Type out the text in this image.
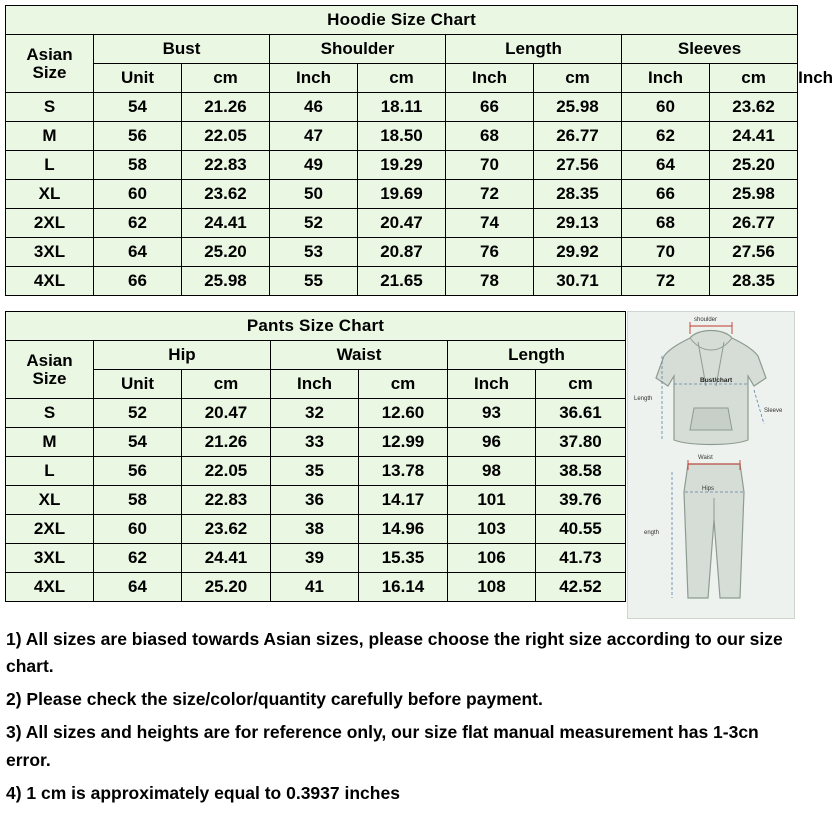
Hoodie Size Chart									
Asian
Size	Bust		Shoulder		Length		Sleeves		
	Unit	cm	Inch	cm	Inch	cm	Inch	cm	Inch
S	54	21.26	46	18.11	66	25.98	60	23.62	
M	56	22.05	47	18.50	68	26.77	62	24.41	
L	58	22.83	49	19.29	70	27.56	64	25.20	
XL	60	23.62	50	19.69	72	28.35	66	25.98	
2XL	62	24.41	52	20.47	74	29.13	68	26.77	
3XL	64	25.20	53	20.87	76	29.92	70	27.56	
4XL	66	25.98	55	21.65	78	30.71	72	28.35	
Pants Size Chart							
Asian
Size	Hip		Waist		Length		
	Unit	cm	Inch	cm	Inch	cm	
S	52	20.47	32	12.60	93	36.61	
M	54	21.26	33	12.99	96	37.80	
L	56	22.05	35	13.78	98	38.58	
XL	58	22.83	36	14.17	101	39.76	
2XL	60	23.62	38	14.96	103	40.55	
3XL	62	24.41	39	15.35	106	41.73	
4XL	64	25.20	41	16.14	108	42.52	
shoulder
Bust/chart
Length
Sleeve
Waist
Hips
ength

1) All sizes are biased towards Asian sizes, please choose the right size according to our size chart.

2) Please check the size/color/quantity carefully before payment.

3) All sizes and heights are for reference only, our size flat manual measurement has 1-3cn error.

4) 1 cm is approximately equal to 0.3937 inches
